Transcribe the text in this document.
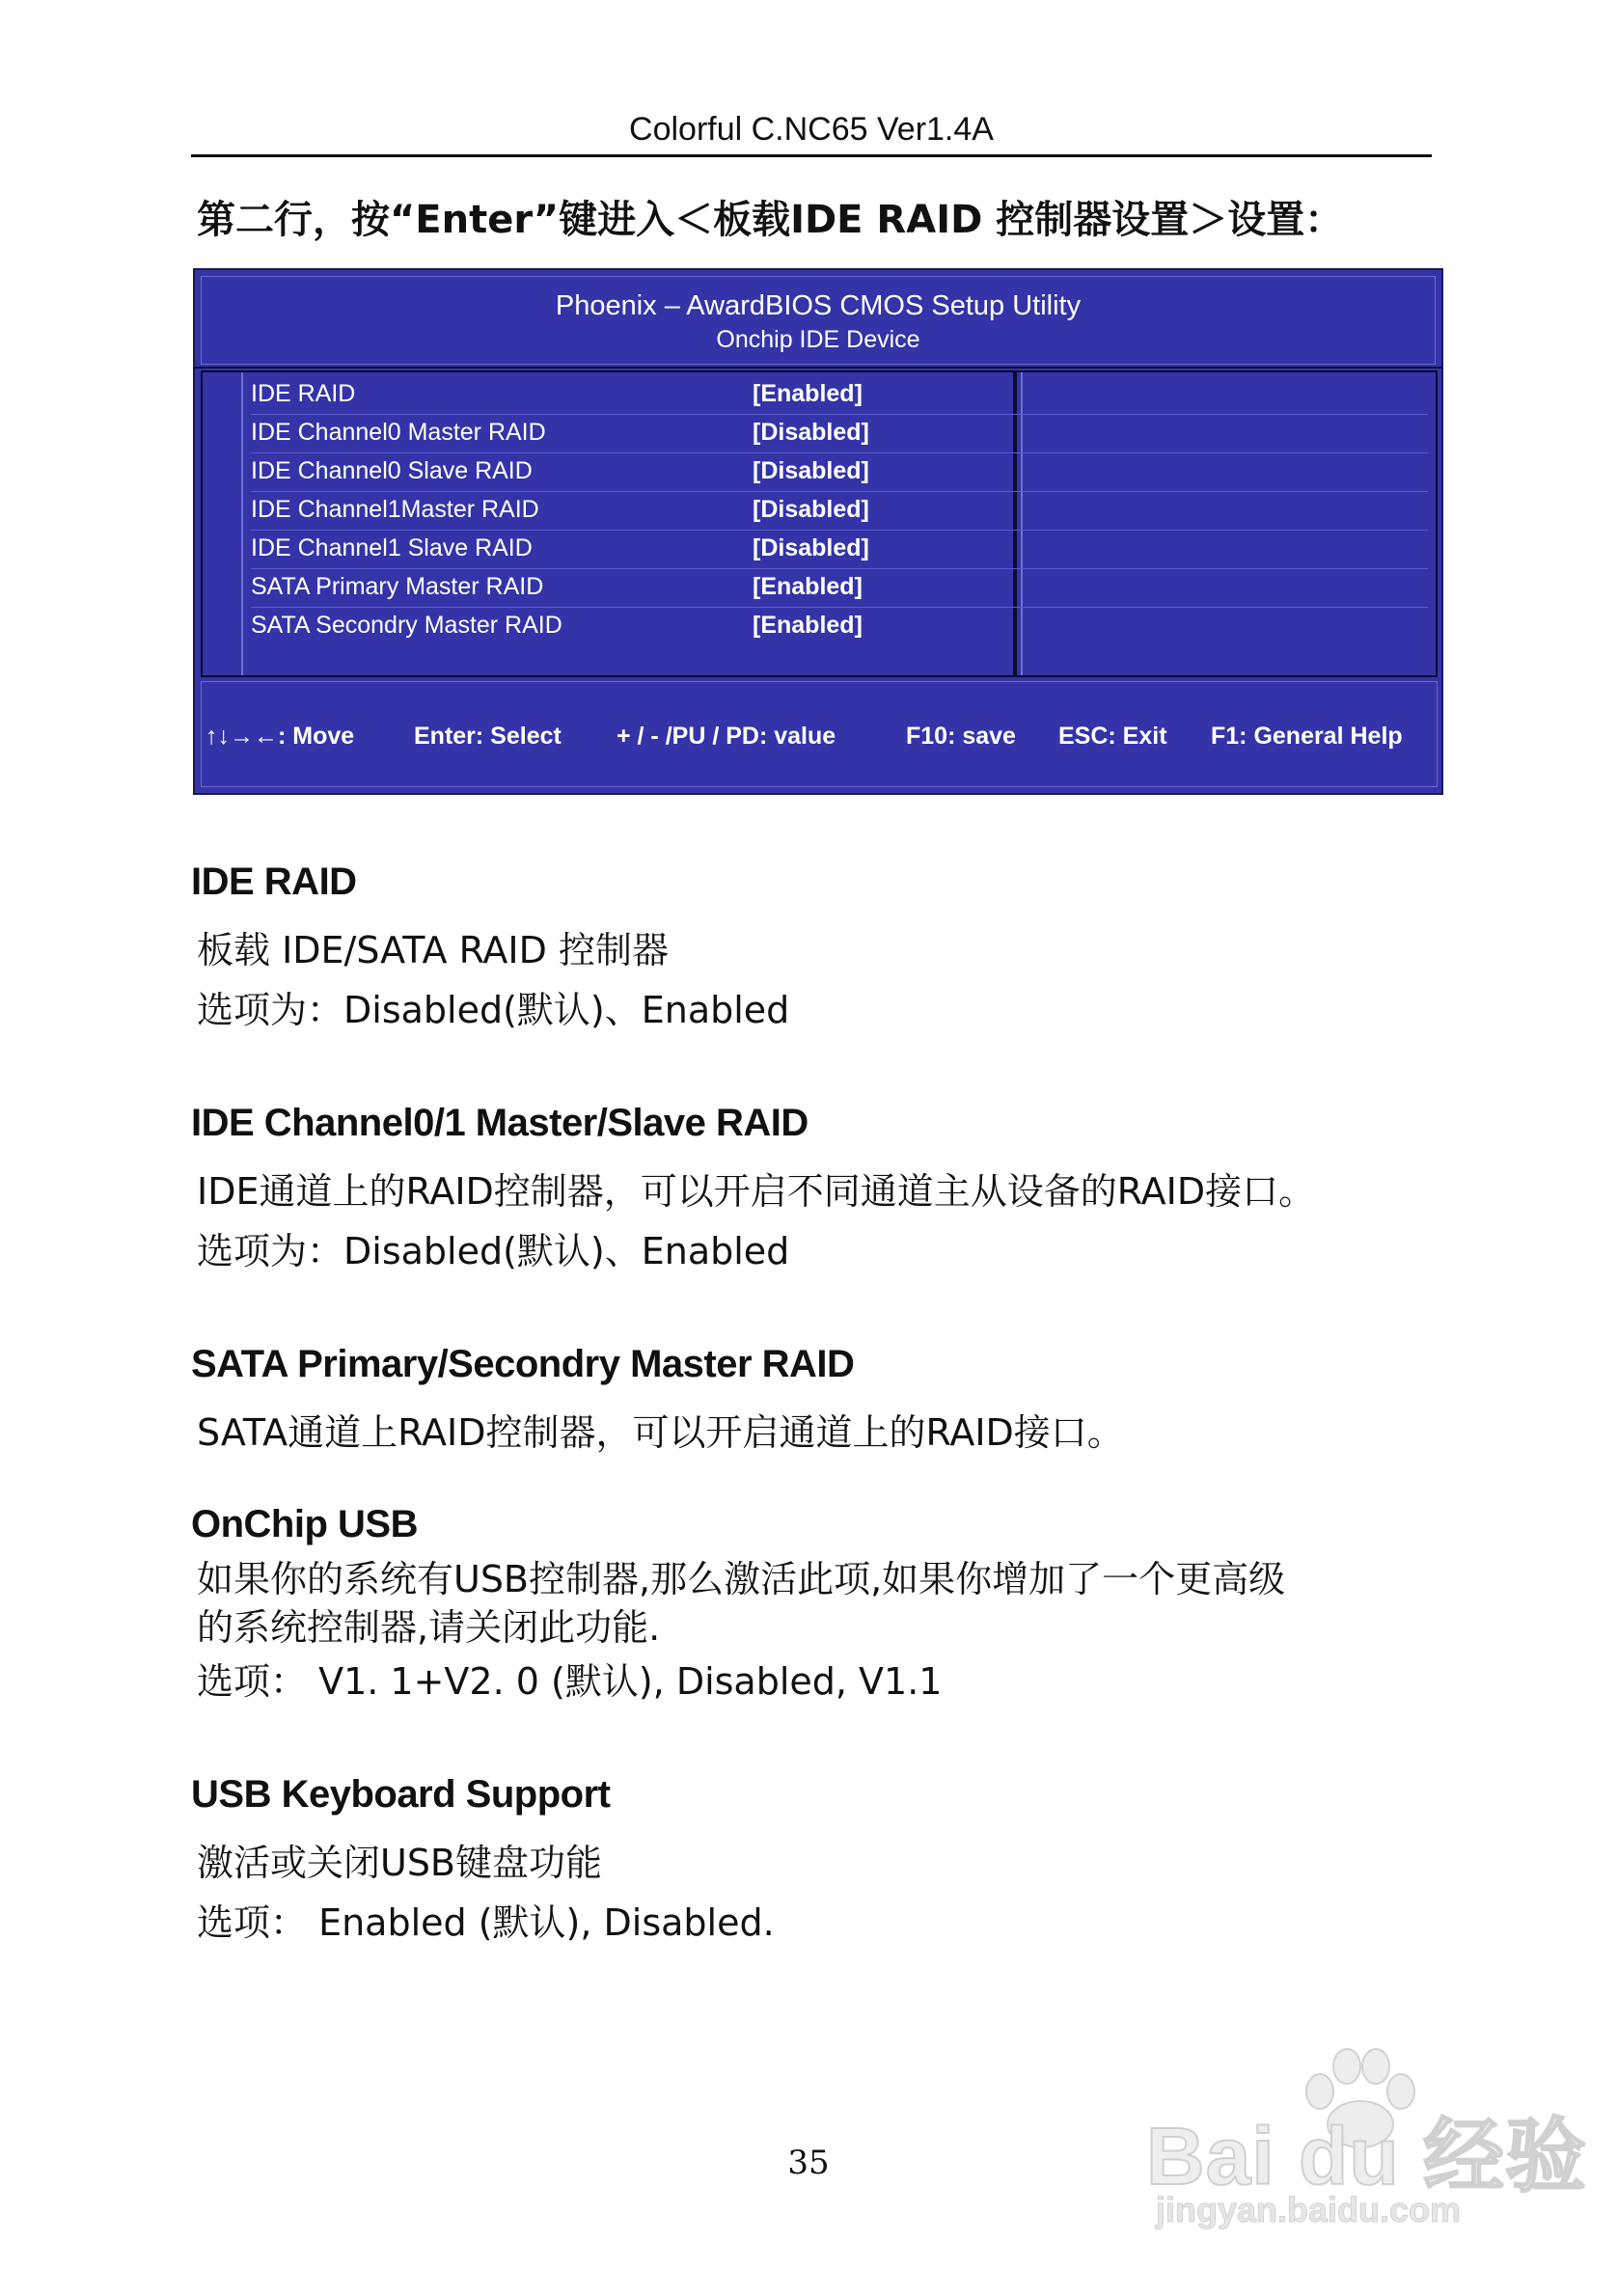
Colorful C.NC65 Ver1.4A
第二行，按“Enter”键进入＜板载IDE RAID 控制器设置＞设置：
Phoenix – AwardBIOS CMOS Setup Utility
Onchip IDE Device
IDE RAID	[Enabled]
IDE Channel0 Master RAID	[Disabled]
IDE Channel0 Slave RAID	[Disabled]
IDE Channel1Master RAID	[Disabled]
IDE Channel1 Slave RAID	[Disabled]
SATA Primary Master RAID	[Enabled]
SATA Secondry Master RAID	[Enabled]
↑↓→←: Move Enter: Select + / - /PU / PD: value	F10: save ESC: Exit F1: General Help
IDE RAID
板载 IDE/SATA RAID 控制器
选项为：Disabled(默认)、Enabled
IDE Channel0/1 Master/Slave RAID
IDE通道上的RAID控制器，可以开启不同通道主从设备的RAID接口。
选项为：Disabled(默认)、Enabled
SATA Primary/Secondry Master RAID
SATA通道上RAID控制器，可以开启通道上的RAID接口。
OnChip USB
如果你的系统有USB控制器,那么激活此项,如果你增加了一个更高级
的系统控制器,请关闭此功能.
选项： V1. 1+V2. 0 (默认), Disabled, V1.1
USB Keyboard Support
激活或关闭USB键盘功能
选项： Enabled (默认), Disabled.
35	Bai du 经验
jingyan.baidu.com
